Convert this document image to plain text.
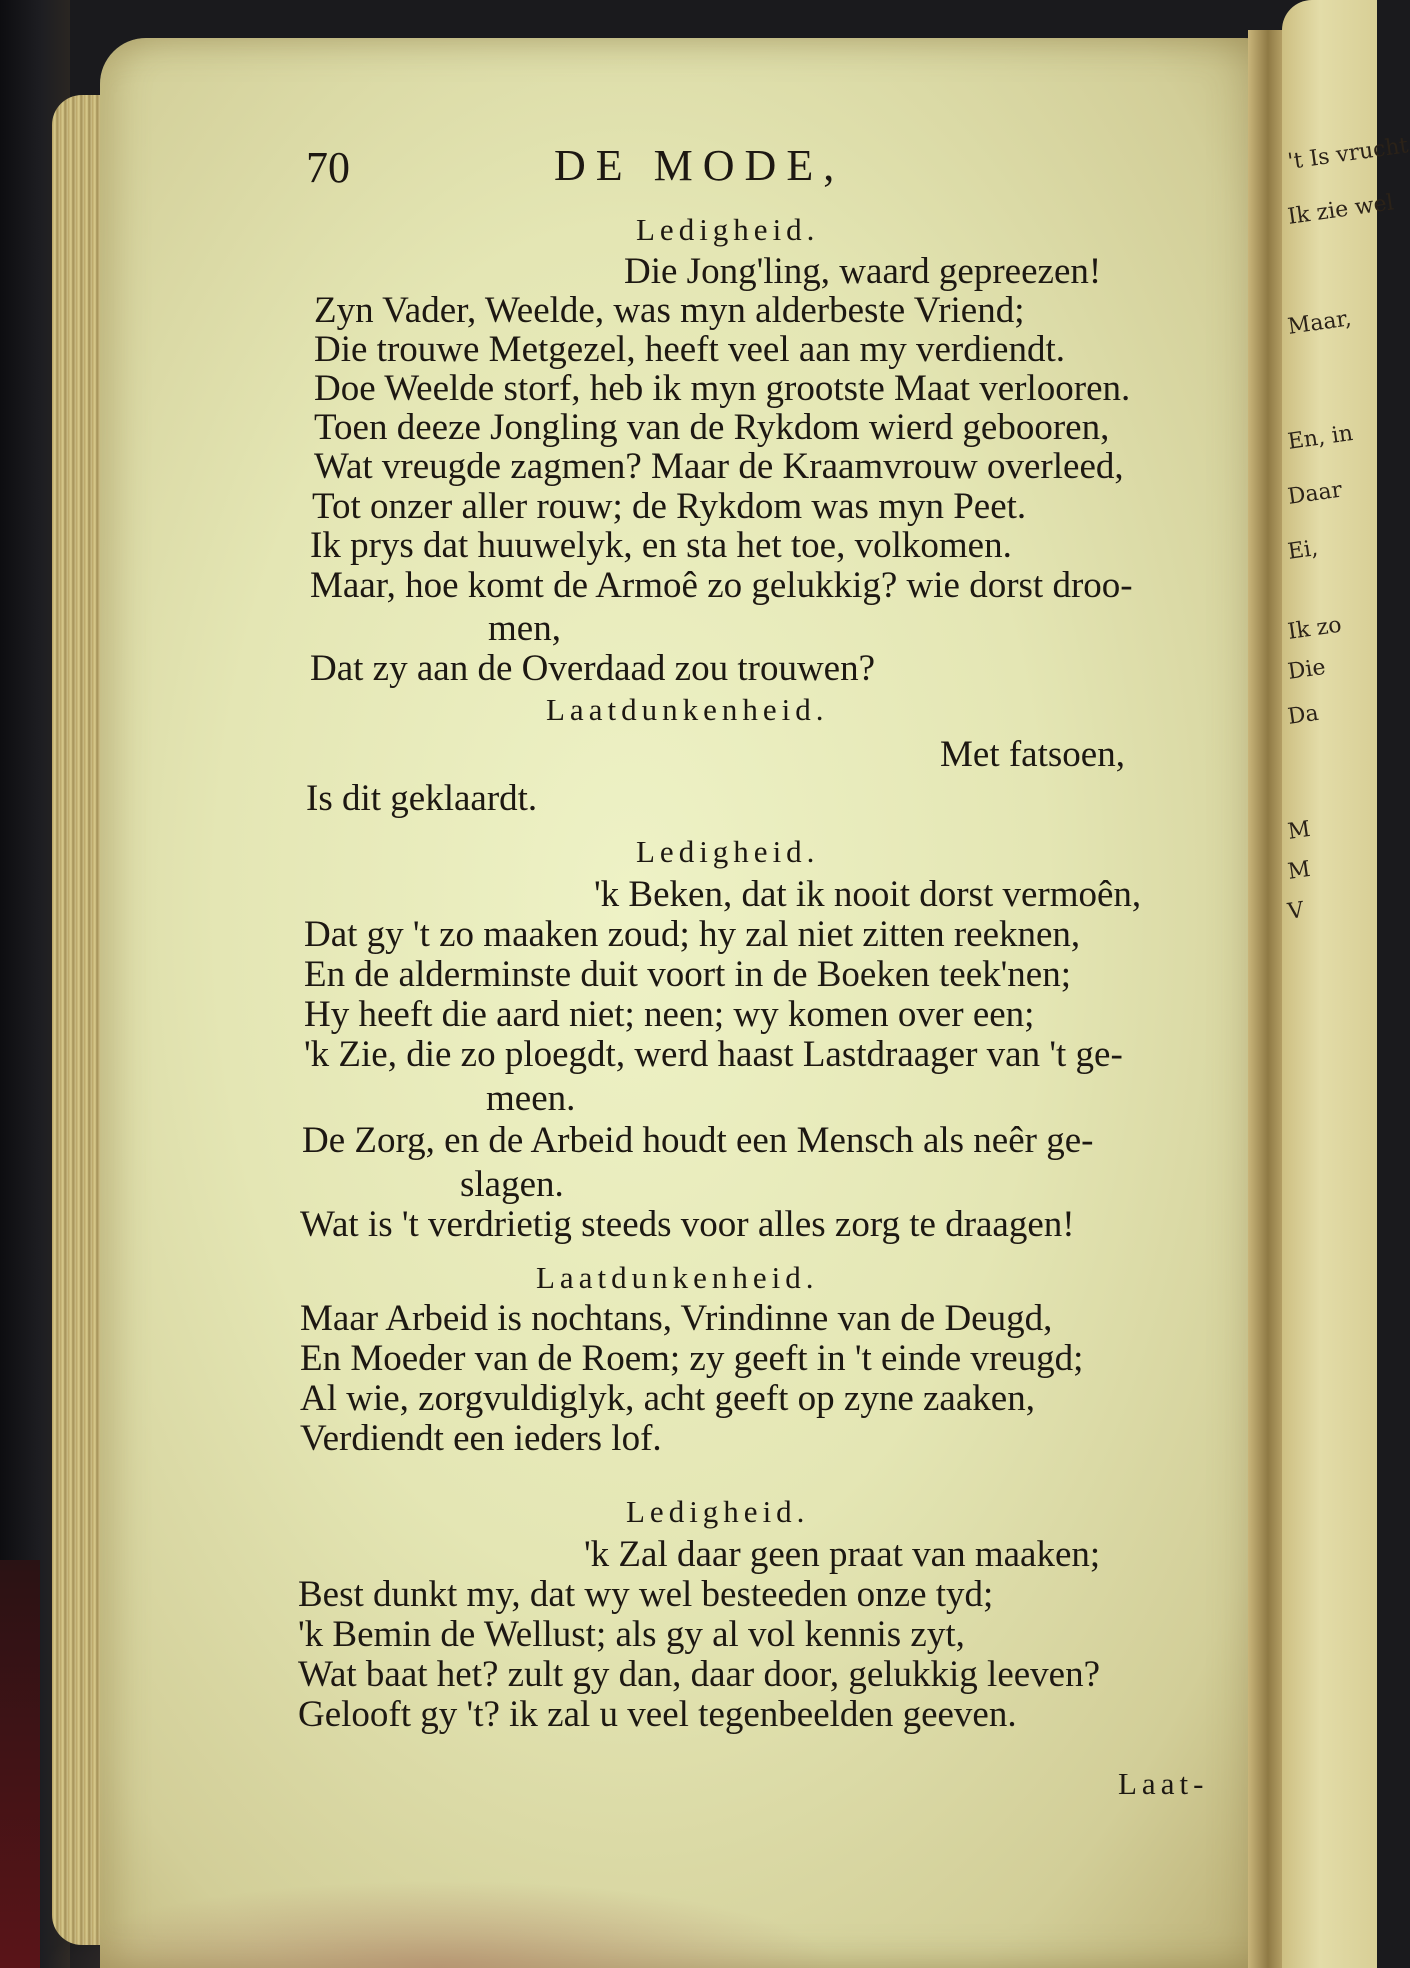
't Is vrucht
Ik zie wel
Maar,
En, in
Daar
Ei,
Ik zo
Die
Da
M
M
V
70	DE MODE,
Ledigheid.
Die Jong'ling, waard gepreezen!
Zyn Vader, Weelde, was myn alderbeste Vriend;
Die trouwe Metgezel, heeft veel aan my verdiendt.
Doe Weelde storf, heb ik myn grootste Maat verlooren.
Toen deeze Jongling van de Rykdom wierd gebooren,
Wat vreugde zagmen? Maar de Kraamvrouw overleed,
Tot onzer aller rouw; de Rykdom was myn Peet.
Ik prys dat huuwelyk, en sta het toe, volkomen.
Maar, hoe komt de Armoê zo gelukkig? wie dorst droo-
men,
Dat zy aan de Overdaad zou trouwen?
Laatdunkenheid.
Met fatsoen,
Is dit geklaardt.
Ledigheid.
'k Beken, dat ik nooit dorst vermoên,
Dat gy 't zo maaken zoud; hy zal niet zitten reeknen,
En de alderminste duit voort in de Boeken teek'nen;
Hy heeft die aard niet; neen; wy komen over een;
'k Zie, die zo ploegdt, werd haast Lastdraager van 't ge-
meen.
De Zorg, en de Arbeid houdt een Mensch als neêr ge-
slagen.
Wat is 't verdrietig steeds voor alles zorg te draagen!
Laatdunkenheid.
Maar Arbeid is nochtans, Vrindinne van de Deugd,
En Moeder van de Roem; zy geeft in 't einde vreugd;
Al wie, zorgvuldiglyk, acht geeft op zyne zaaken,
Verdiendt een ieders lof.
Ledigheid.
'k Zal daar geen praat van maaken;
Best dunkt my, dat wy wel besteeden onze tyd;
'k Bemin de Wellust; als gy al vol kennis zyt,
Wat baat het? zult gy dan, daar door, gelukkig leeven?
Gelooft gy 't? ik zal u veel tegenbeelden geeven.
Laat-
